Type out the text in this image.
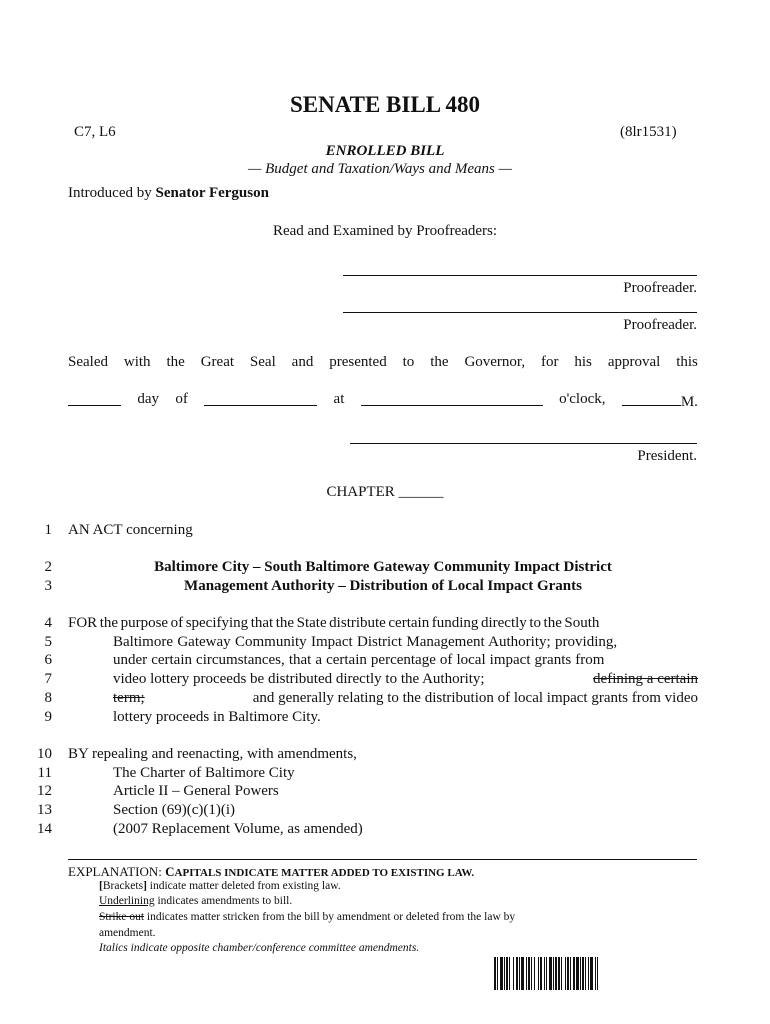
SENATE BILL 480
C7, L6	(8lr1531)
ENROLLED BILL
— Budget and Taxation/Ways and Means —
Introduced by Senator Ferguson
Read and Examined by Proofreaders:
Proofreader.
Proofreader.
Sealed with the Great Seal and presented to the Governor, for his approval this
day of	at	o'clock,	M.
President.
CHAPTER ______
1 AN ACT concerning
2	Baltimore City – South Baltimore Gateway Community Impact District
3	Management Authority – Distribution of Local Impact Grants
4 FOR the purpose of specifying that the State distribute certain funding directly to the South
5	Baltimore Gateway Community Impact District Management Authority; providing,
6	under certain circumstances, that a certain percentage of local impact grants from
7	video lottery proceeds be distributed directly to the Authority;	defining a certain
8	term;	and generally relating to the distribution of local impact grants from video
9	lottery proceeds in Baltimore City.
10 BY repealing and reenacting, with amendments,
11	The Charter of Baltimore City
12	Article II – General Powers
13	Section (69)(c)(1)(i)
14	(2007 Replacement Volume, as amended)
EXPLANATION: CAPITALS INDICATE MATTER ADDED TO EXISTING LAW.
[Brackets] indicate matter deleted from existing law.
Underlining indicates amendments to bill.
Strike out indicates matter stricken from the bill by amendment or deleted from the law by
amendment.
Italics indicate opposite chamber/conference committee amendments.
